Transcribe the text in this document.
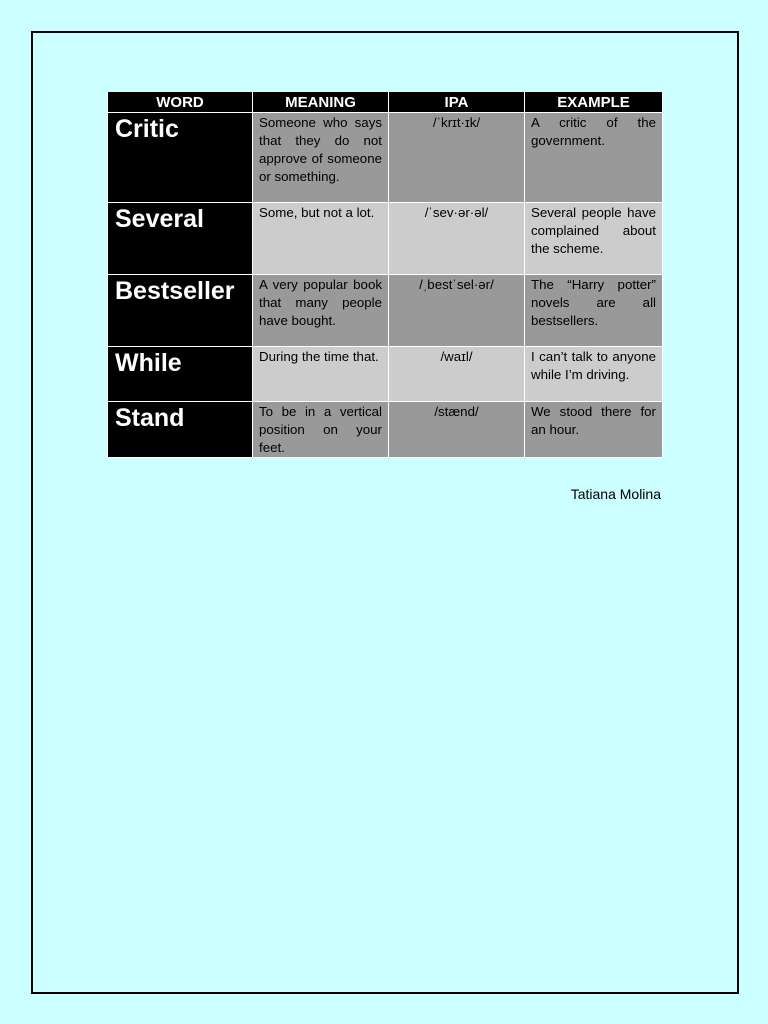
WORD	MEANING	IPA	EXAMPLE
Critic	Someone who says that they do not approve of someone or something.	/ˈkrɪt·ɪk/	A critic of the government.
Several	Some, but not a lot.	/ˈsev·ər·əl/	Several people have complained about the scheme.
Bestseller	A very popular book that many people have bought.	/ˌbestˈsel·ər/	The “Harry potter” novels are all bestsellers.
While	During the time that.	/waɪl/	I can’t talk to anyone while I’m driving.
Stand	To be in a vertical position on your feet.	/stænd/	We stood there for an hour.
Tatiana Molina
